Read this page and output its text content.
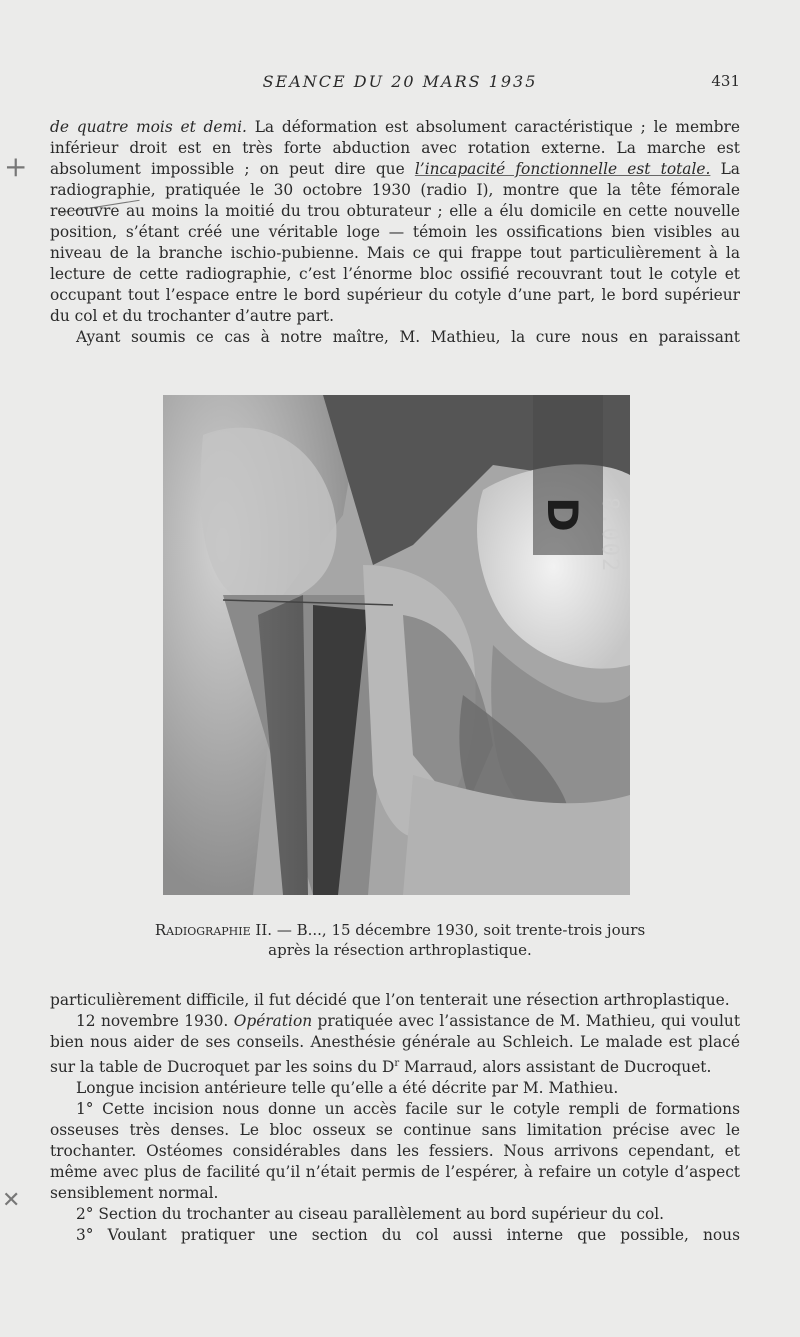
SEANCE DU 20 MARS 1935	431
+
✕

de quatre mois et demi. La déformation est absolument caractéristique ; le membre inférieur droit est en très forte abduction avec rotation externe. La marche est absolument impossible ; on peut dire que l’incapacité fonctionnelle est totale. La radiographie, pratiquée le 30 octobre 1930 (radio I), montre que la tête fémorale recouvre au moins la moitié du trou obturateur ; elle a élu domicile en cette nouvelle position, s’étant créé une véritable loge — témoin les ossifications bien visibles au niveau de la branche ischio-pubienne. Mais ce qui frappe tout particulièrement à la lecture de cette radiographie, c’est l’énorme bloc ossifié recouvrant tout le cotyle et occupant tout l’espace entre le bord supérieur du cotyle d’une part, le bord supérieur du col et du trochanter d’autre part.

Ayant soumis ce cas à notre maître, M. Mathieu, la cure nous en paraissant

8.002
D
Radiographie II. — B..., 15 décembre 1930, soit trente-trois jours
après la résection arthroplastique.

particulièrement difficile, il fut décidé que l’on tenterait une résection arthroplastique.

12 novembre 1930. Opération pratiquée avec l’assistance de M. Mathieu, qui voulut bien nous aider de ses conseils. Anesthésie générale au Schleich. Le malade est placé sur la table de Ducroquet par les soins du $D^r$ Marraud, alors assistant de Ducroquet.

Longue incision antérieure telle qu’elle a été décrite par M. Mathieu.

1° Cette incision nous donne un accès facile sur le cotyle rempli de formations osseuses très denses. Le bloc osseux se continue sans limitation précise avec le trochanter. Ostéomes considérables dans les fessiers. Nous arrivons cependant, et même avec plus de facilité qu’il n’était permis de l’espérer, à refaire un cotyle d’aspect sensiblement normal.

2° Section du trochanter au ciseau parallèlement au bord supérieur du col.

3° Voulant pratiquer une section du col aussi interne que possible, nous
